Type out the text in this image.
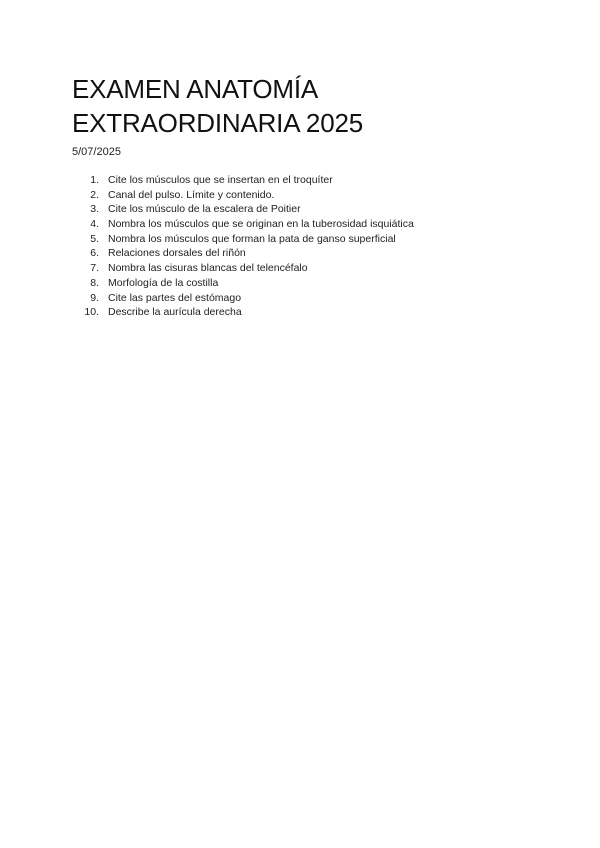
EXAMEN ANATOMÍA
EXTRAORDINARIA 2025

5/07/2025

1. Cite los músculos que se insertan en el troquíter
2. Canal del pulso. Límite y contenido.
3. Cite los músculo de la escalera de Poitier
4. Nombra los músculos que se originan en la tuberosidad isquiática
5. Nombra los músculos que forman la pata de ganso superficial
6. Relaciones dorsales del riñón
7. Nombra las cisuras blancas del telencéfalo
8. Morfología de la costilla
9. Cite las partes del estómago
10. Describe la aurícula derecha
